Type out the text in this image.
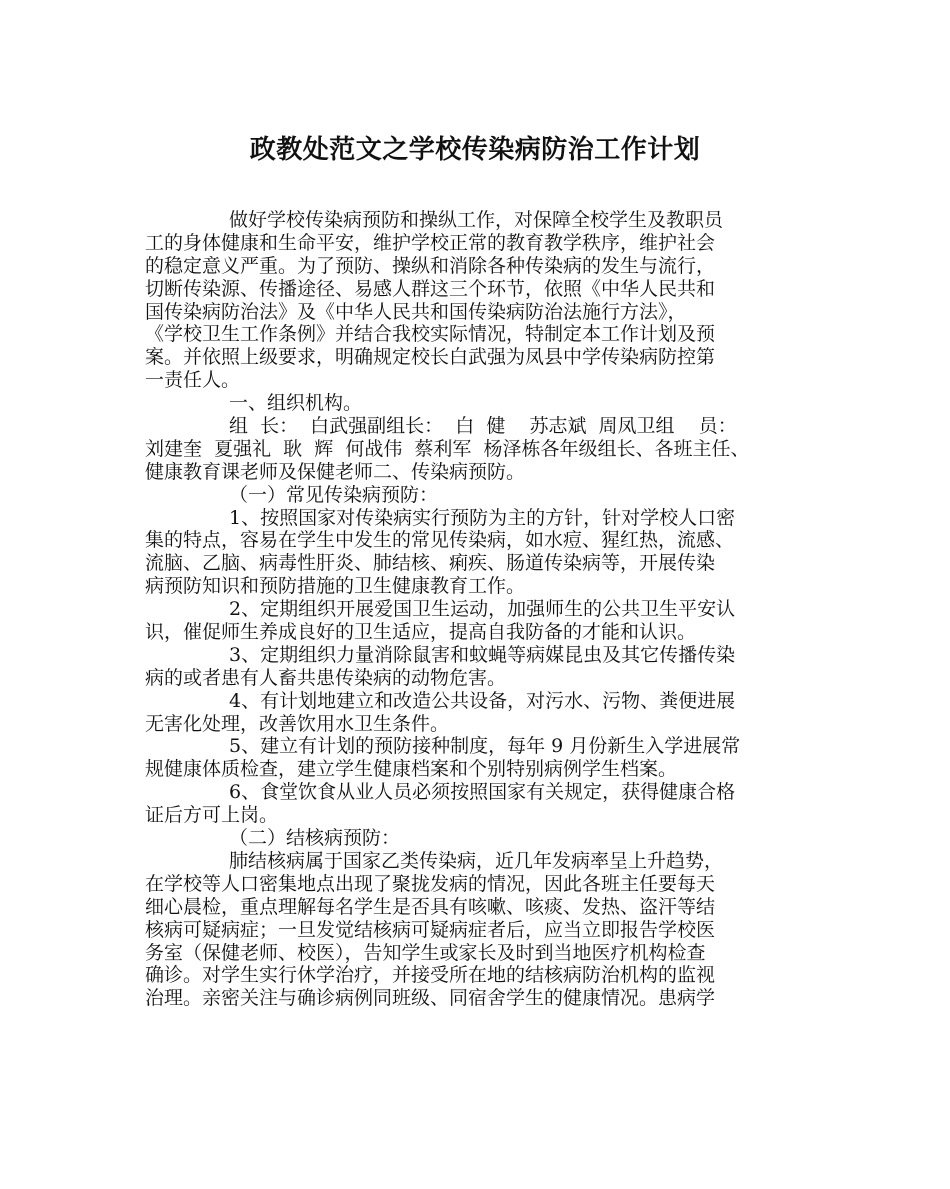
政教处范文之学校传染病防治工作计划
做好学校传染病预防和操纵工作，对保障全校学生及教职员
工的身体健康和生命平安，维护学校正常的教育教学秩序，维护社会
的稳定意义严重。为了预防、操纵和消除各种传染病的发生与流行，
切断传染源、传播途径、易感人群这三个环节，依照《中华人民共和
国传染病防治法》及《中华人民共和国传染病防治法施行方法》，
《学校卫生工作条例》并结合我校实际情况，特制定本工作计划及预
案。并依照上级要求，明确规定校长白武强为凤县中学传染病防控第
一责任人。
一、组织机构。
组  长：  白武强副组长：  白  健    苏志斌  周凤卫组    员：
刘建奎  夏强礼  耿  辉  何战伟  蔡利军  杨泽栋各年级组长、各班主任、
健康教育课老师及保健老师二、传染病预防。
（一）常见传染病预防：
1、按照国家对传染病实行预防为主的方针，针对学校人口密
集的特点，容易在学生中发生的常见传染病，如水痘、猩红热，流感、
流脑、乙脑、病毒性肝炎、肺结核、痢疾、肠道传染病等，开展传染
病预防知识和预防措施的卫生健康教育工作。
2、定期组织开展爱国卫生运动，加强师生的公共卫生平安认
识，催促师生养成良好的卫生适应，提高自我防备的才能和认识。
3、定期组织力量消除鼠害和蚊蝇等病媒昆虫及其它传播传染
病的或者患有人畜共患传染病的动物危害。
4、有计划地建立和改造公共设备，对污水、污物、粪便进展
无害化处理，改善饮用水卫生条件。
5、建立有计划的预防接种制度，每年 9 月份新生入学进展常
规健康体质检查，建立学生健康档案和个别特别病例学生档案。
6、食堂饮食从业人员必须按照国家有关规定，获得健康合格
证后方可上岗。
（二）结核病预防：
肺结核病属于国家乙类传染病，近几年发病率呈上升趋势，
在学校等人口密集地点出现了聚拢发病的情况，因此各班主任要每天
细心晨检，重点理解每名学生是否具有咳嗽、咳痰、发热、盗汗等结
核病可疑病症；一旦发觉结核病可疑病症者后，应当立即报告学校医
务室（保健老师、校医），告知学生或家长及时到当地医疗机构检查
确诊。对学生实行休学治疗，并接受所在地的结核病防治机构的监视
治理。亲密关注与确诊病例同班级、同宿舍学生的健康情况。患病学
